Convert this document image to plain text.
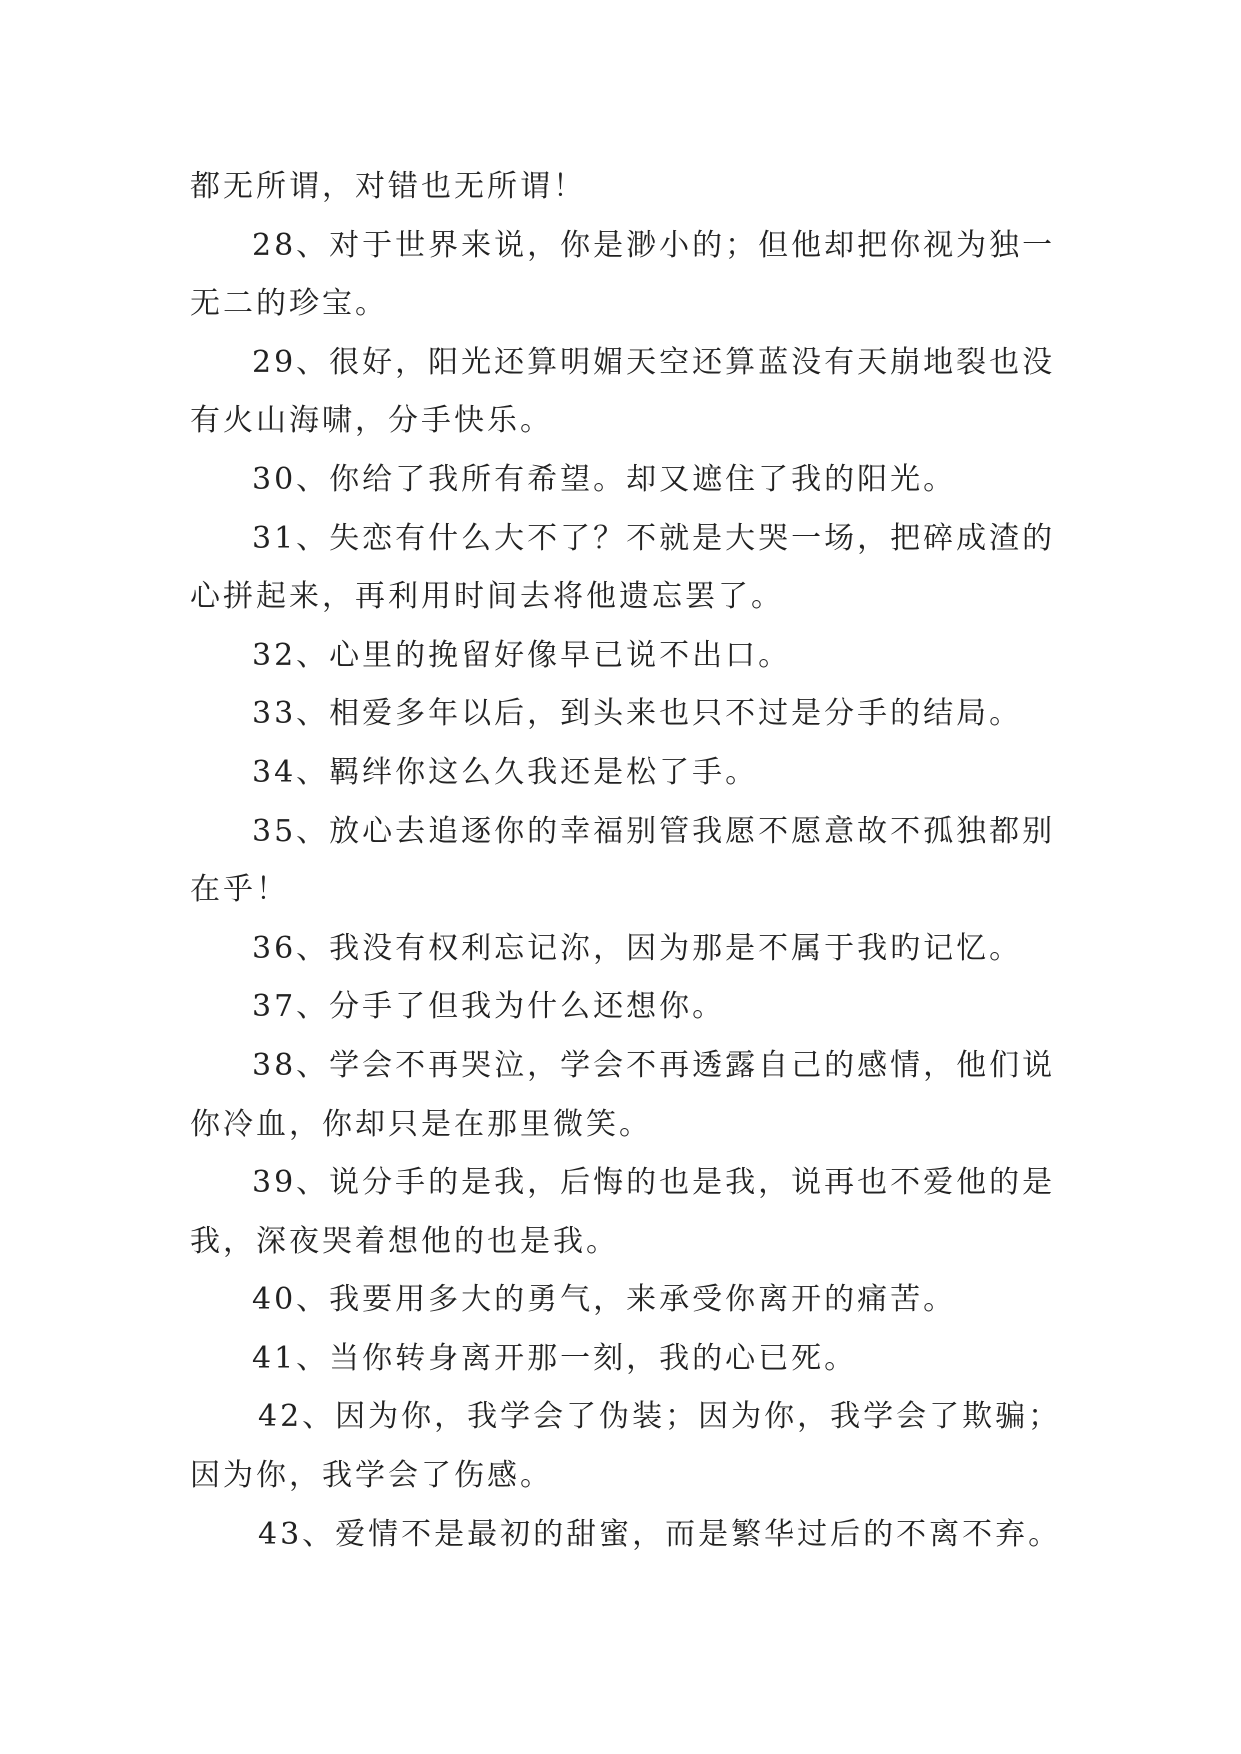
都无所谓，对错也无所谓！

28、对于世界来说，你是渺小的；但他却把你视为独一

无二的珍宝。

29、很好，阳光还算明媚天空还算蓝没有天崩地裂也没

有火山海啸，分手快乐。

30、你给了我所有希望。却又遮住了我的阳光。

31、失恋有什么大不了？不就是大哭一场，把碎成渣的

心拼起来，再利用时间去将他遗忘罢了。

32、心里的挽留好像早已说不出口。

33、相爱多年以后，到头来也只不过是分手的结局。

34、羁绊你这么久我还是松了手。

35、放心去追逐你的幸福别管我愿不愿意故不孤独都别

在乎！

36、我没有权利忘记沵，因为那是不属于我旳记忆。

37、分手了但我为什么还想你。

38、学会不再哭泣，学会不再透露自己的感情，他们说

你冷血，你却只是在那里微笑。

39、说分手的是我，后悔的也是我，说再也不爱他的是

我，深夜哭着想他的也是我。

40、我要用多大的勇气，来承受你离开的痛苦。

41、当你转身离开那一刻，我的心已死。

42、因为你，我学会了伪装；因为你，我学会了欺骗；

因为你，我学会了伤感。

43、爱情不是最初的甜蜜，而是繁华过后的不离不弃。
